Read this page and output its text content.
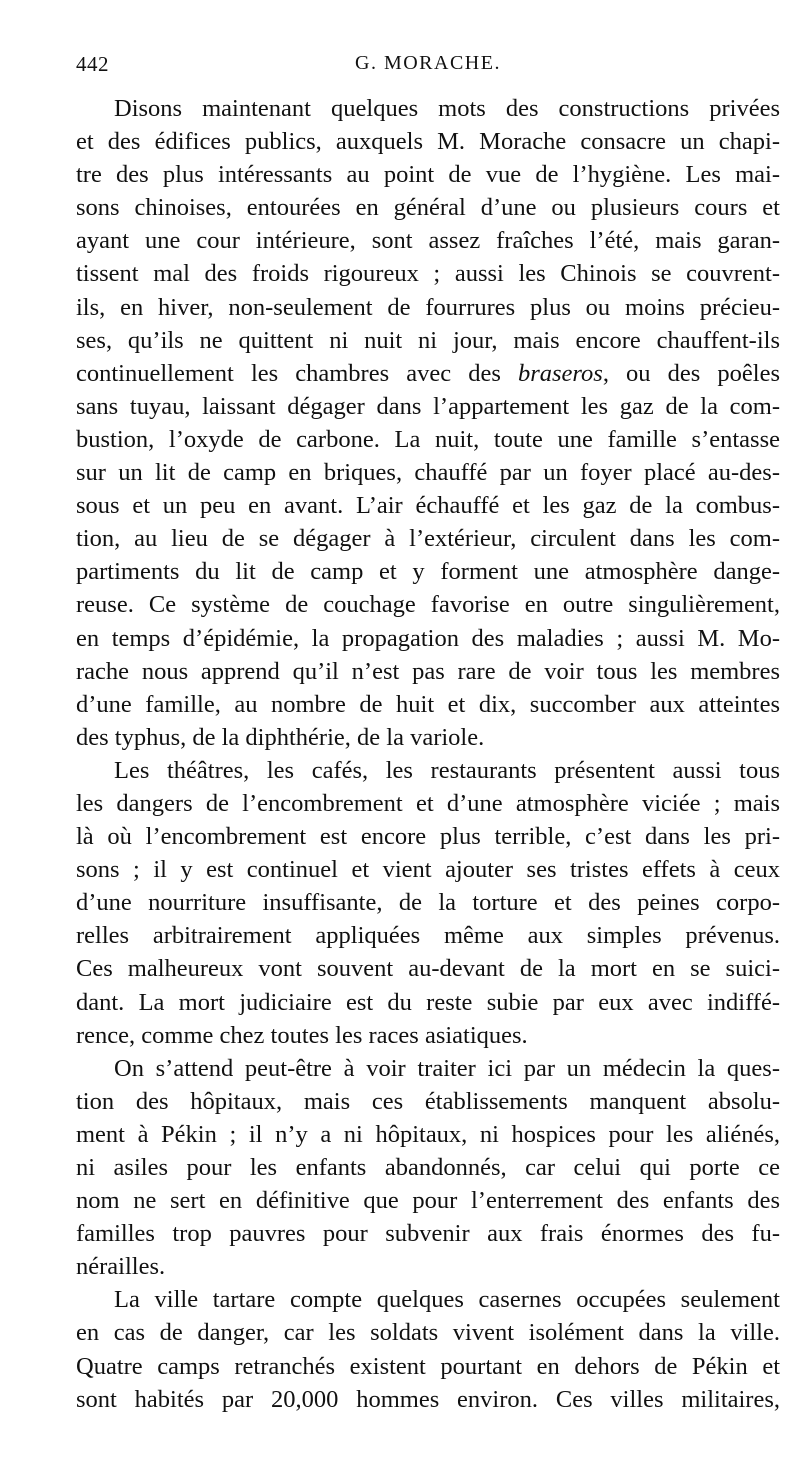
442	G. MORACHE.
Disons maintenant quelques mots des constructions privées
et des édifices publics, auxquels M. Morache consacre un chapi-
tre des plus intéressants au point de vue de l’hygiène. Les mai-
sons chinoises, entourées en général d’une ou plusieurs cours et
ayant une cour intérieure, sont assez fraîches l’été, mais garan-
tissent mal des froids rigoureux ; aussi les Chinois se couvrent-
ils, en hiver, non-seulement de fourrures plus ou moins précieu-
ses, qu’ils ne quittent ni nuit ni jour, mais encore chauffent-ils
continuellement les chambres avec des braseros, ou des poêles
sans tuyau, laissant dégager dans l’appartement les gaz de la com-
bustion, l’oxyde de carbone. La nuit, toute une famille s’entasse
sur un lit de camp en briques, chauffé par un foyer placé au-des-
sous et un peu en avant. L’air échauffé et les gaz de la combus-
tion, au lieu de se dégager à l’extérieur, circulent dans les com-
partiments du lit de camp et y forment une atmosphère dange-
reuse. Ce système de couchage favorise en outre singulièrement,
en temps d’épidémie, la propagation des maladies ; aussi M. Mo-
rache nous apprend qu’il n’est pas rare de voir tous les membres
d’une famille, au nombre de huit et dix, succomber aux atteintes
des typhus, de la diphthérie, de la variole.
Les théâtres, les cafés, les restaurants présentent aussi tous
les dangers de l’encombrement et d’une atmosphère viciée ; mais
là où l’encombrement est encore plus terrible, c’est dans les pri-
sons ; il y est continuel et vient ajouter ses tristes effets à ceux
d’une nourriture insuffisante, de la torture et des peines corpo-
relles arbitrairement appliquées même aux simples prévenus.
Ces malheureux vont souvent au-devant de la mort en se suici-
dant. La mort judiciaire est du reste subie par eux avec indiffé-
rence, comme chez toutes les races asiatiques.
On s’attend peut-être à voir traiter ici par un médecin la ques-
tion des hôpitaux, mais ces établissements manquent absolu-
ment à Pékin ; il n’y a ni hôpitaux, ni hospices pour les aliénés,
ni asiles pour les enfants abandonnés, car celui qui porte ce
nom ne sert en définitive que pour l’enterrement des enfants des
familles trop pauvres pour subvenir aux frais énormes des fu-
nérailles.
La ville tartare compte quelques casernes occupées seulement
en cas de danger, car les soldats vivent isolément dans la ville.
Quatre camps retranchés existent pourtant en dehors de Pékin et
sont habités par 20,000 hommes environ. Ces villes militaires,
